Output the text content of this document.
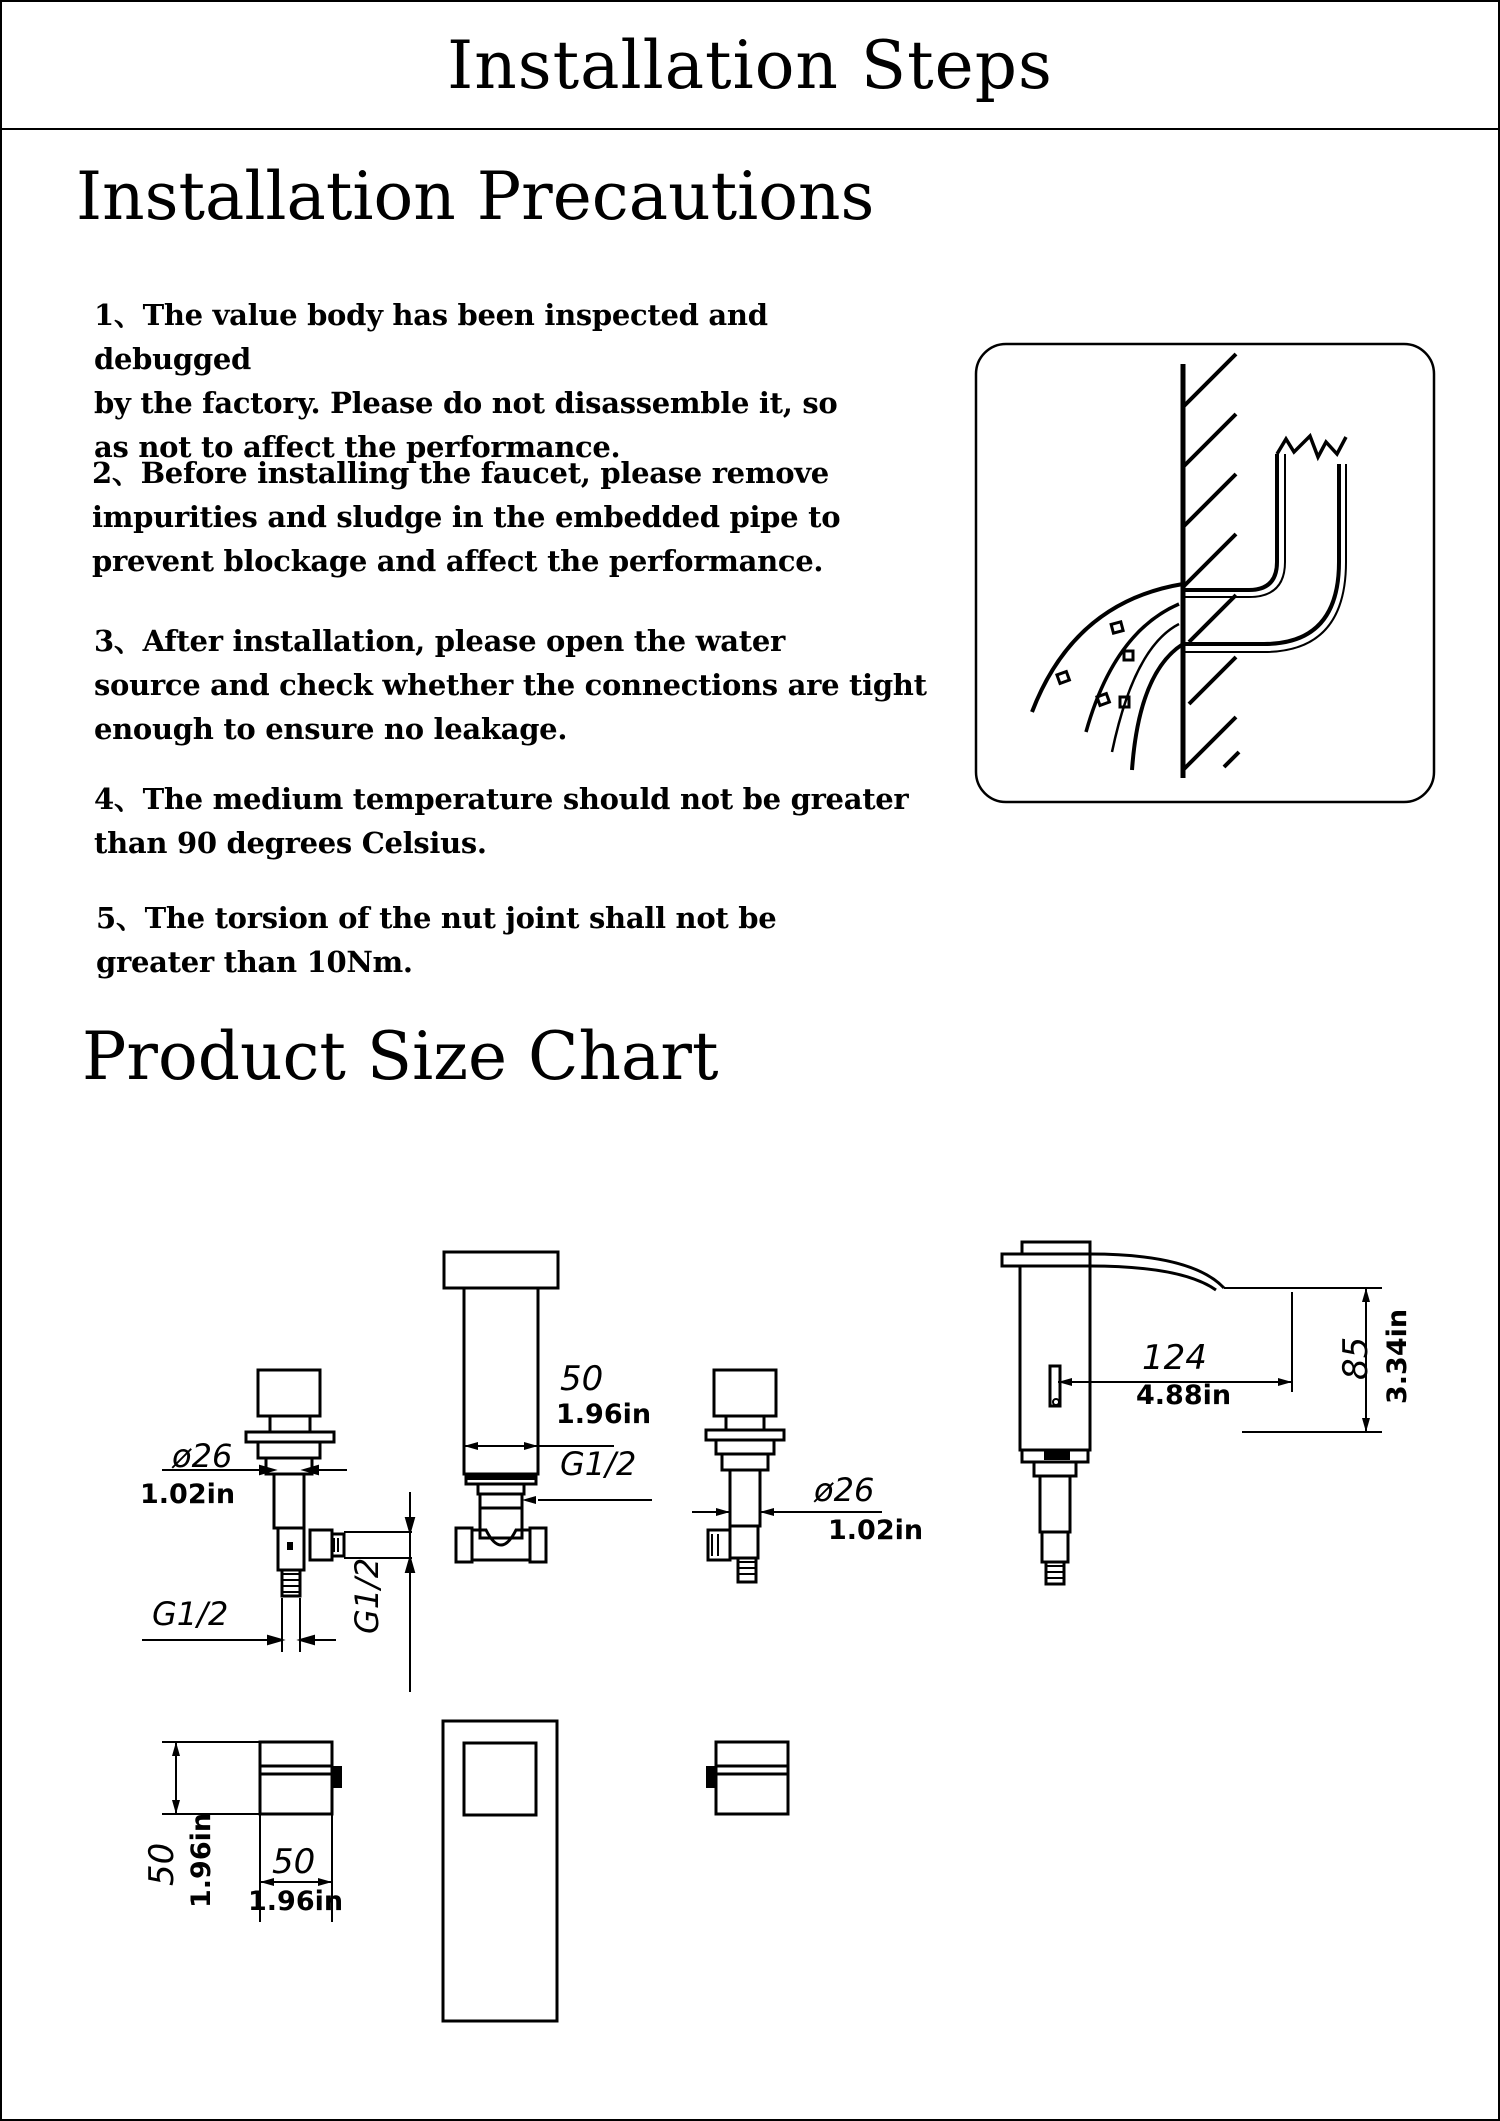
Installation Steps
Installation Precautions
1、The value body has been inspected and debugged
by the factory. Please do not disassemble it, so
as not to affect the performance.
2、Before installing the faucet, please remove
impurities and sludge in the embedded pipe to
prevent blockage and affect the performance.
3、After installation, please open the water
source and check whether the connections are tight
enough to ensure no leakage.
4、The medium temperature should not be greater
than 90 degrees Celsius.
5、The torsion of the nut joint shall not be
greater than 10Nm.
Product Size Chart
ø26
1.02in
G1/2	G1/2
50
1.96in
G1/2
ø26
1.02in
124
4.88in
85 3.34in
50 1.96in 50
1.96in
